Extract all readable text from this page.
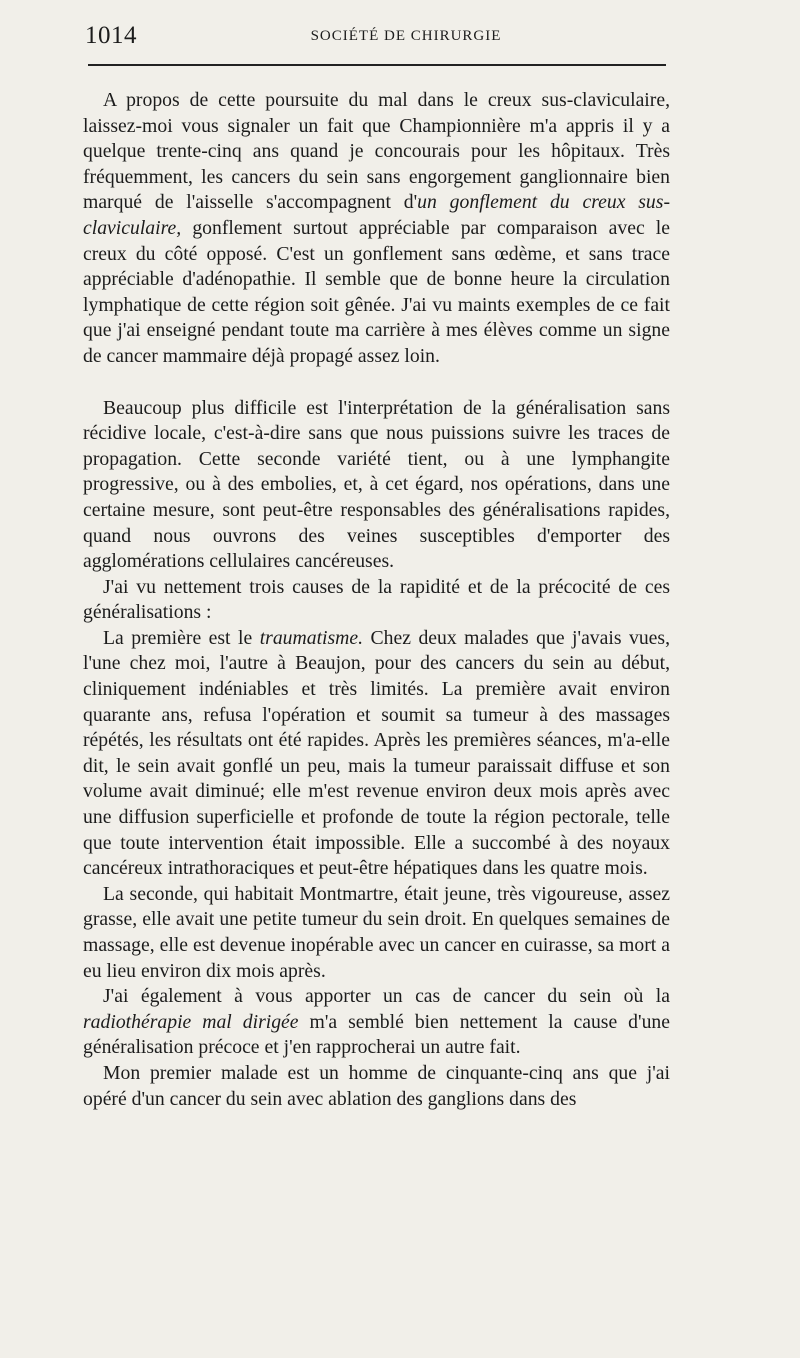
1014	SOCIÉTÉ DE CHIRURGIE

A propos de cette poursuite du mal dans le creux sus-claviculaire, laissez-moi vous signaler un fait que Championnière m'a appris il y a quelque trente-cinq ans quand je concourais pour les hôpitaux. Très fréquemment, les cancers du sein sans engorgement ganglionnaire bien marqué de l'aisselle s'accompagnent d'un gonflement du creux sus-claviculaire, gonflement surtout appréciable par comparaison avec le creux du côté opposé. C'est un gonflement sans œdème, et sans trace appréciable d'adénopathie. Il semble que de bonne heure la circulation lymphatique de cette région soit gênée. J'ai vu maints exemples de ce fait que j'ai enseigné pendant toute ma carrière à mes élèves comme un signe de cancer mammaire déjà propagé assez loin.

Beaucoup plus difficile est l'interprétation de la généralisation sans récidive locale, c'est-à-dire sans que nous puissions suivre les traces de propagation. Cette seconde variété tient, ou à une lymphangite progressive, ou à des embolies, et, à cet égard, nos opérations, dans une certaine mesure, sont peut-être responsables des généralisations rapides, quand nous ouvrons des veines susceptibles d'emporter des agglomérations cellulaires cancéreuses.

J'ai vu nettement trois causes de la rapidité et de la précocité de ces généralisations :

La première est le traumatisme. Chez deux malades que j'avais vues, l'une chez moi, l'autre à Beaujon, pour des cancers du sein au début, cliniquement indéniables et très limités. La première avait environ quarante ans, refusa l'opération et soumit sa tumeur à des massages répétés, les résultats ont été rapides. Après les premières séances, m'a-elle dit, le sein avait gonflé un peu, mais la tumeur paraissait diffuse et son volume avait diminué; elle m'est revenue environ deux mois après avec une diffusion superficielle et profonde de toute la région pectorale, telle que toute intervention était impossible. Elle a succombé à des noyaux cancéreux intrathoraciques et peut-être hépatiques dans les quatre mois.

La seconde, qui habitait Montmartre, était jeune, très vigoureuse, assez grasse, elle avait une petite tumeur du sein droit. En quelques semaines de massage, elle est devenue inopérable avec un cancer en cuirasse, sa mort a eu lieu environ dix mois après.

J'ai également à vous apporter un cas de cancer du sein où la radiothérapie mal dirigée m'a semblé bien nettement la cause d'une généralisation précoce et j'en rapprocherai un autre fait.

Mon premier malade est un homme de cinquante-cinq ans que j'ai opéré d'un cancer du sein avec ablation des ganglions dans des
